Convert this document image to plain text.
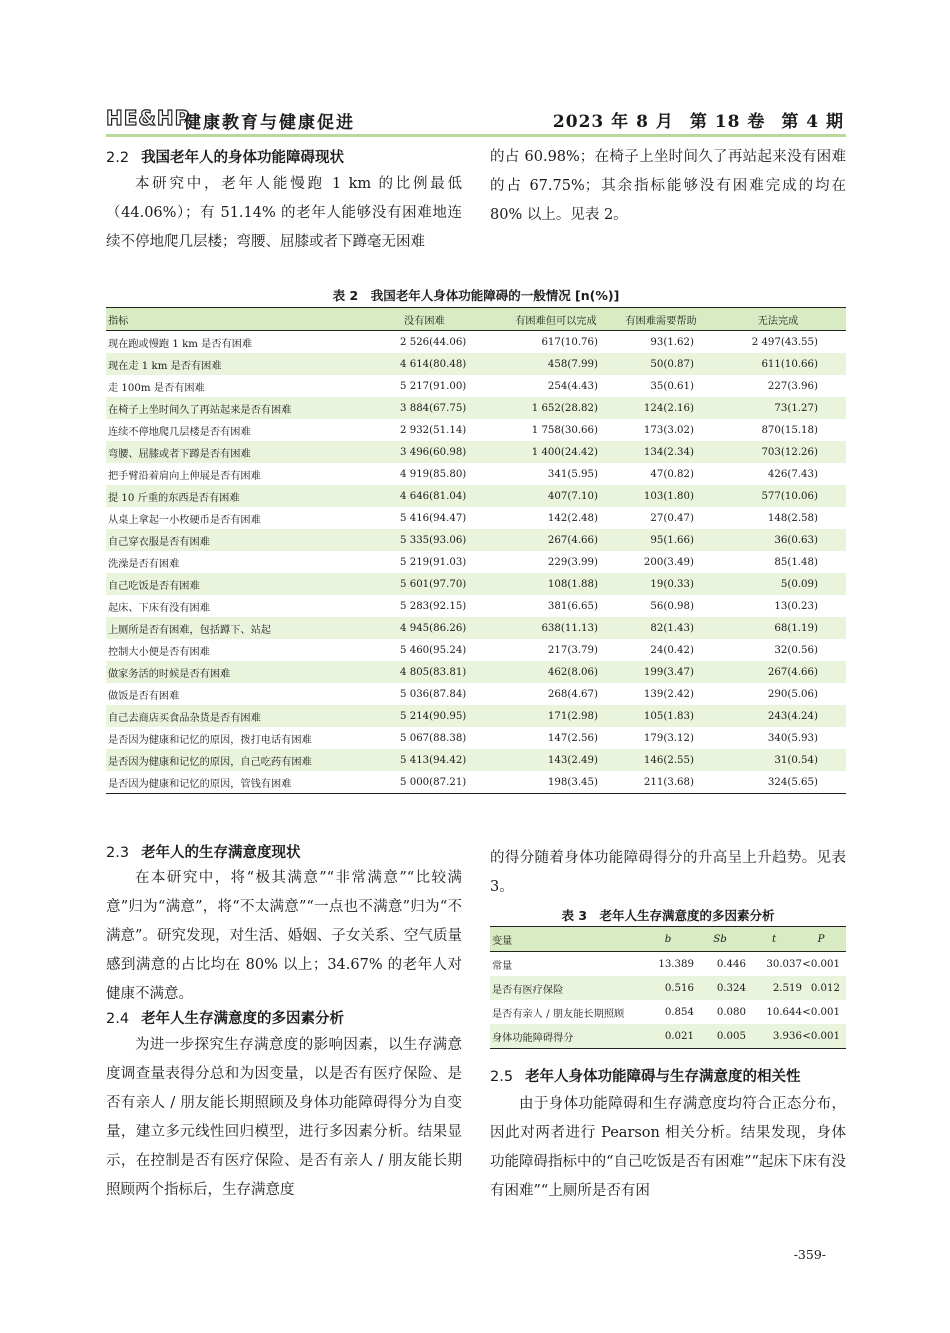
HE&HP
健康教育与健康促进	2023 年 8 月 第 18 卷 第 4 期
2.2 我国老年人的身体功能障碍现状
本研究中，老年人能慢跑 1 km 的比例最低（44.06%）；有 51.14% 的老年人能够没有困难地连续不停地爬几层楼；弯腰、屈膝或者下蹲毫无困难
的占 60.98%；在椅子上坐时间久了再站起来没有困难的占 67.75%；其余指标能够没有困难完成的均在 80% 以上。见表 2。
表 2　我国老年人身体功能障碍的一般情况 [n(%)]
指标	没有困难	有困难但可以完成	有困难需要帮助	无法完成
现在跑或慢跑 1 km 是否有困难	2 526(44.06)	617(10.76)	93(1.62)	2 497(43.55)
现在走 1 km 是否有困难	4 614(80.48)	458(7.99)	50(0.87)	611(10.66)
走 100m 是否有困难	5 217(91.00)	254(4.43)	35(0.61)	227(3.96)
在椅子上坐时间久了再站起来是否有困难	3 884(67.75)	1 652(28.82)	124(2.16)	73(1.27)
连续不停地爬几层楼是否有困难	2 932(51.14)	1 758(30.66)	173(3.02)	870(15.18)
弯腰、屈膝或者下蹲是否有困难	3 496(60.98)	1 400(24.42)	134(2.34)	703(12.26)
把手臂沿着肩向上伸展是否有困难	4 919(85.80)	341(5.95)	47(0.82)	426(7.43)
提 10 斤重的东西是否有困难	4 646(81.04)	407(7.10)	103(1.80)	577(10.06)
从桌上拿起一小枚硬币是否有困难	5 416(94.47)	142(2.48)	27(0.47)	148(2.58)
自己穿衣服是否有困难	5 335(93.06)	267(4.66)	95(1.66)	36(0.63)
洗澡是否有困难	5 219(91.03)	229(3.99)	200(3.49)	85(1.48)
自己吃饭是否有困难	5 601(97.70)	108(1.88)	19(0.33)	5(0.09)
起床、下床有没有困难	5 283(92.15)	381(6.65)	56(0.98)	13(0.23)
上厕所是否有困难，包括蹲下、站起	4 945(86.26)	638(11.13)	82(1.43)	68(1.19)
控制大小便是否有困难	5 460(95.24)	217(3.79)	24(0.42)	32(0.56)
做家务活的时候是否有困难	4 805(83.81)	462(8.06)	199(3.47)	267(4.66)
做饭是否有困难	5 036(87.84)	268(4.67)	139(2.42)	290(5.06)
自己去商店买食品杂货是否有困难	5 214(90.95)	171(2.98)	105(1.83)	243(4.24)
是否因为健康和记忆的原因，拨打电话有困难	5 067(88.38)	147(2.56)	179(3.12)	340(5.93)
是否因为健康和记忆的原因，自己吃药有困难	5 413(94.42)	143(2.49)	146(2.55)	31(0.54)
是否因为健康和记忆的原因，管钱有困难	5 000(87.21)	198(3.45)	211(3.68)	324(5.65)
2.3 老年人的生存满意度现状
在本研究中，将“极其满意”“非常满意”“比较满意”归为“满意”，将“不太满意”“一点也不满意”归为“不满意”。研究发现，对生活、婚姻、子女关系、空气质量感到满意的占比均在 80% 以上；34.67% 的老年人对健康不满意。
2.4 老年人生存满意度的多因素分析
为进一步探究生存满意度的影响因素，以生存满意度调查量表得分总和为因变量，以是否有医疗保险、是否有亲人 / 朋友能长期照顾及身体功能障碍得分为自变量，建立多元线性回归模型，进行多因素分析。结果显示，在控制是否有医疗保险、是否有亲人 / 朋友能长期照顾两个指标后，生存满意度
的得分随着身体功能障碍得分的升高呈上升趋势。见表 3。
表 3　老年人生存满意度的多因素分析
变量	b	Sb	t	P
常量	13.389	0.446	30.037	<0.001
是否有医疗保险	0.516	0.324	2.519	0.012
是否有亲人 / 朋友能长期照顾	0.854	0.080	10.644	<0.001
身体功能障碍得分	0.021	0.005	3.936	<0.001
2.5 老年人身体功能障碍与生存满意度的相关性
由于身体功能障碍和生存满意度均符合正态分布，因此对两者进行 Pearson 相关分析。结果发现，身体功能障碍指标中的“自己吃饭是否有困难”“起床下床有没有困难”“上厕所是否有困
-359-
